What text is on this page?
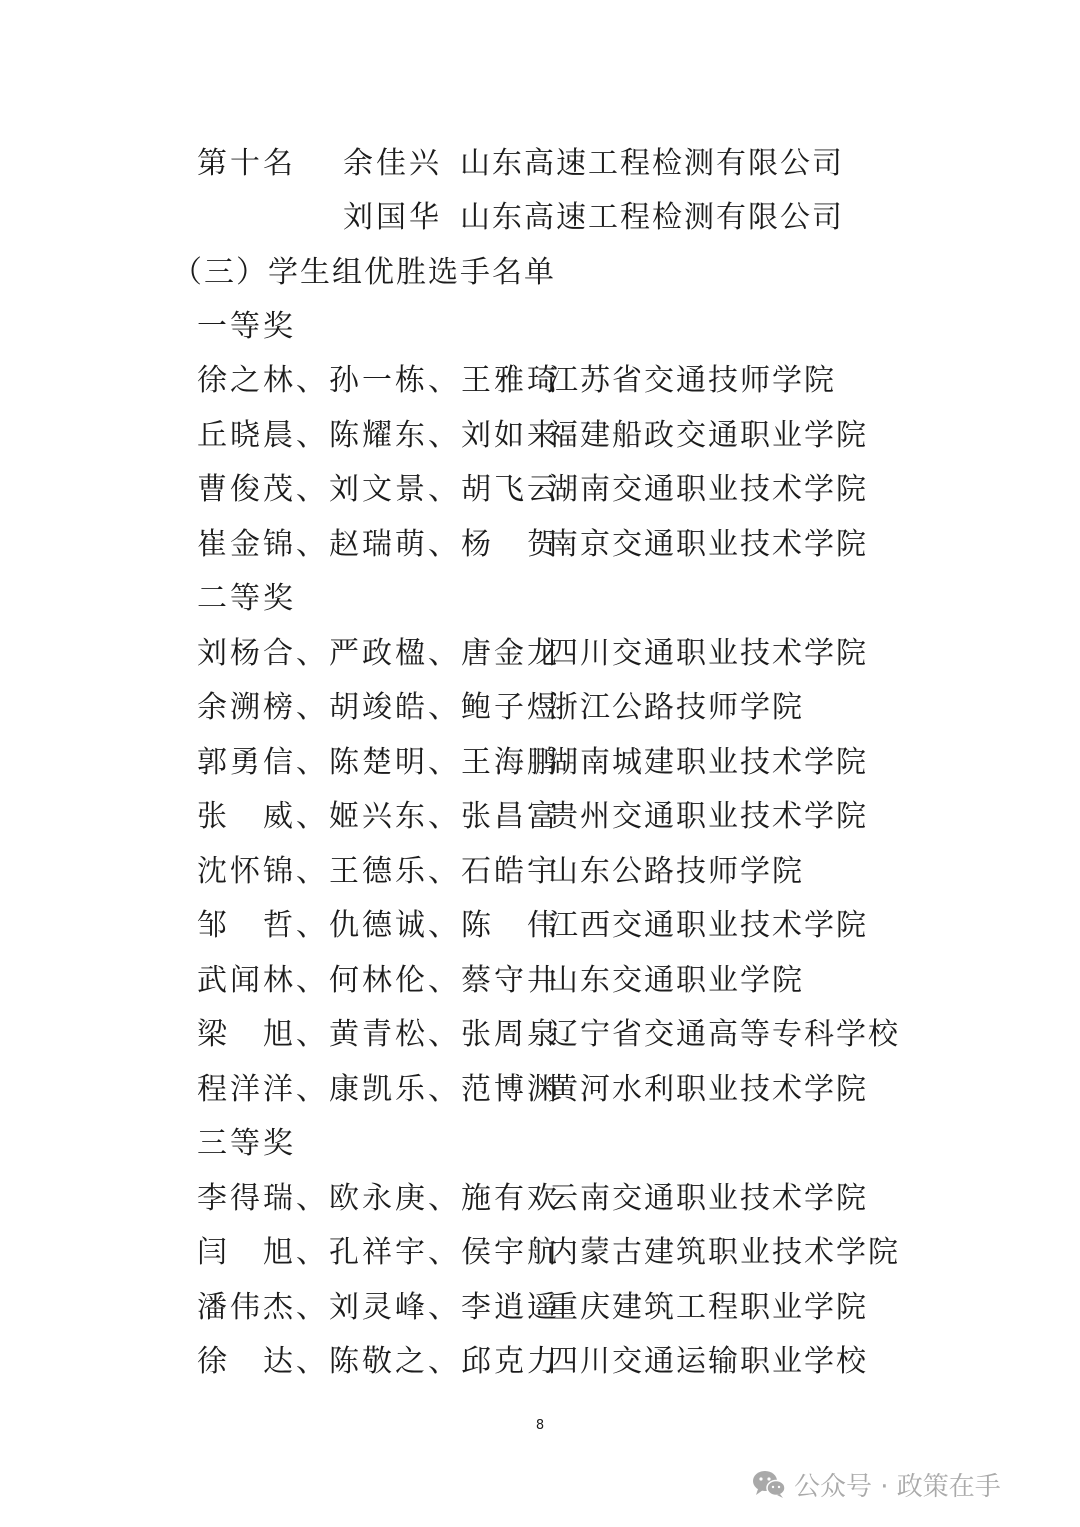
第十名 余佳兴 山东高速工程检测有限公司
刘国华 山东高速工程检测有限公司
（三）学生组优胜选手名单
一等奖
徐之林、孙一栋、王雅琦
江苏省交通技师学院
丘晓晨、陈耀东、刘如来
福建船政交通职业学院
曹俊茂、刘文景、胡飞云
湖南交通职业技术学院
崔金锦、赵瑞萌、杨　贺
南京交通职业技术学院
二等奖
刘杨合、严政楹、唐金龙
四川交通职业技术学院
余溯榜、胡竣皓、鲍子煜
浙江公路技师学院
郭勇信、陈楚明、王海鹏
湖南城建职业技术学院
张　威、姬兴东、张昌富
贵州交通职业技术学院
沈怀锦、王德乐、石皓宇
山东公路技师学院
邹　哲、仇德诚、陈　伟
江西交通职业技术学院
武闻林、何林伦、蔡守井
山东交通职业学院
梁　旭、黄青松、张周泉
辽宁省交通高等专科学校
程洋洋、康凯乐、范博渊
黄河水利职业技术学院
三等奖
李得瑞、欧永庚、施有欢
云南交通职业技术学院
闫　旭、孔祥宇、侯宇航
内蒙古建筑职业技术学院
潘伟杰、刘灵峰、李逍遥
重庆建筑工程职业学院
徐　达、陈敬之、邱克力
四川交通运输职业学校
8
公众号 · 政策在手
